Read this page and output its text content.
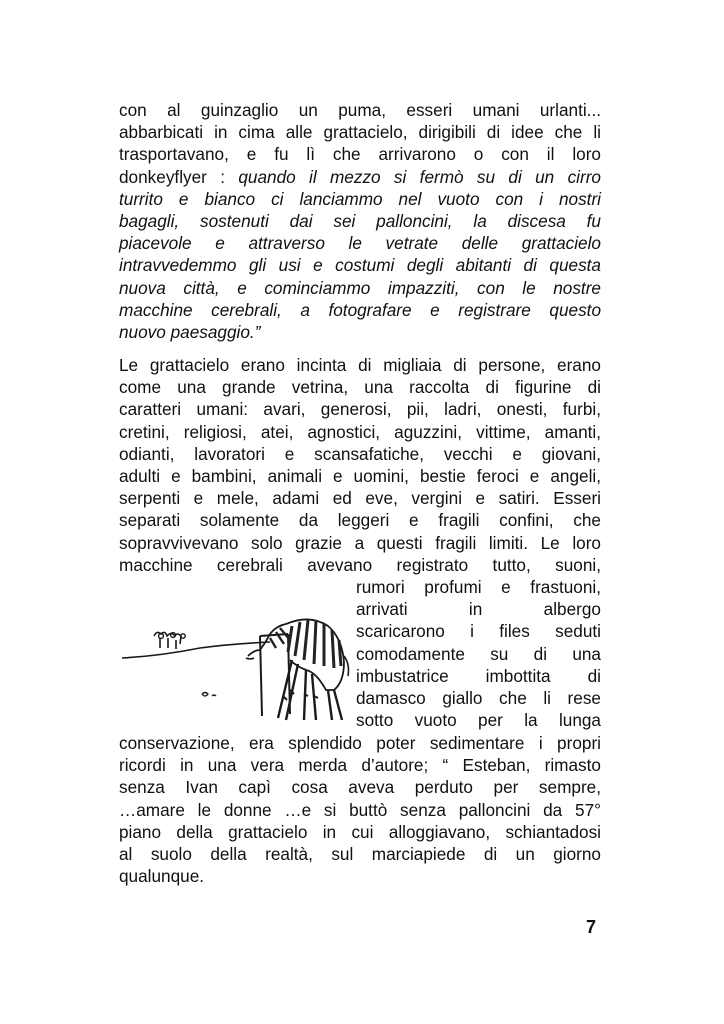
con al guinzaglio un puma, esseri umani urlanti...
abbarbicati in cima alle grattacielo, dirigibili di idee che li
trasportavano, e fu lì che arrivarono o con il loro
donkeyflyer : quando il mezzo si fermò su di un cirro
turrito e bianco ci lanciammo nel vuoto con i nostri
bagagli, sostenuti dai sei palloncini, la discesa fu
piacevole e attraverso le vetrate delle grattacielo
intravvedemmo gli usi e costumi degli abitanti di questa
nuova città, e cominciammo impazziti, con le nostre
macchine cerebrali, a fotografare e registrare questo
nuovo paesaggio.”
Le grattacielo erano incinta di migliaia di persone, erano
come una grande vetrina, una raccolta di figurine di
caratteri umani: avari, generosi, pii, ladri, onesti, furbi,
cretini, religiosi, atei, agnostici, aguzzini, vittime, amanti,
odianti, lavoratori e scansafatiche, vecchi e giovani,
adulti e bambini, animali e uomini, bestie feroci e angeli,
serpenti e mele, adami ed eve, vergini e satiri. Esseri
separati solamente da leggeri e fragili confini, che
sopravvivevano solo grazie a questi fragili limiti. Le loro
macchine cerebrali avevano registrato tutto, suoni,
rumori profumi e frastuoni,
arrivati in albergo
scaricarono i files seduti
comodamente su di una
imbustatrice imbottita di
damasco giallo che li rese
sotto vuoto per la lunga
conservazione, era splendido poter sedimentare i propri
ricordi in una vera merda d’autore; “ Esteban, rimasto
senza Ivan capì cosa aveva perduto per sempre,
…amare le donne …e si buttò senza palloncini da 57°
piano della grattacielo in cui alloggiavano, schiantadosi
al suolo della realtà, sul marciapiede di un giorno
qualunque.
7
